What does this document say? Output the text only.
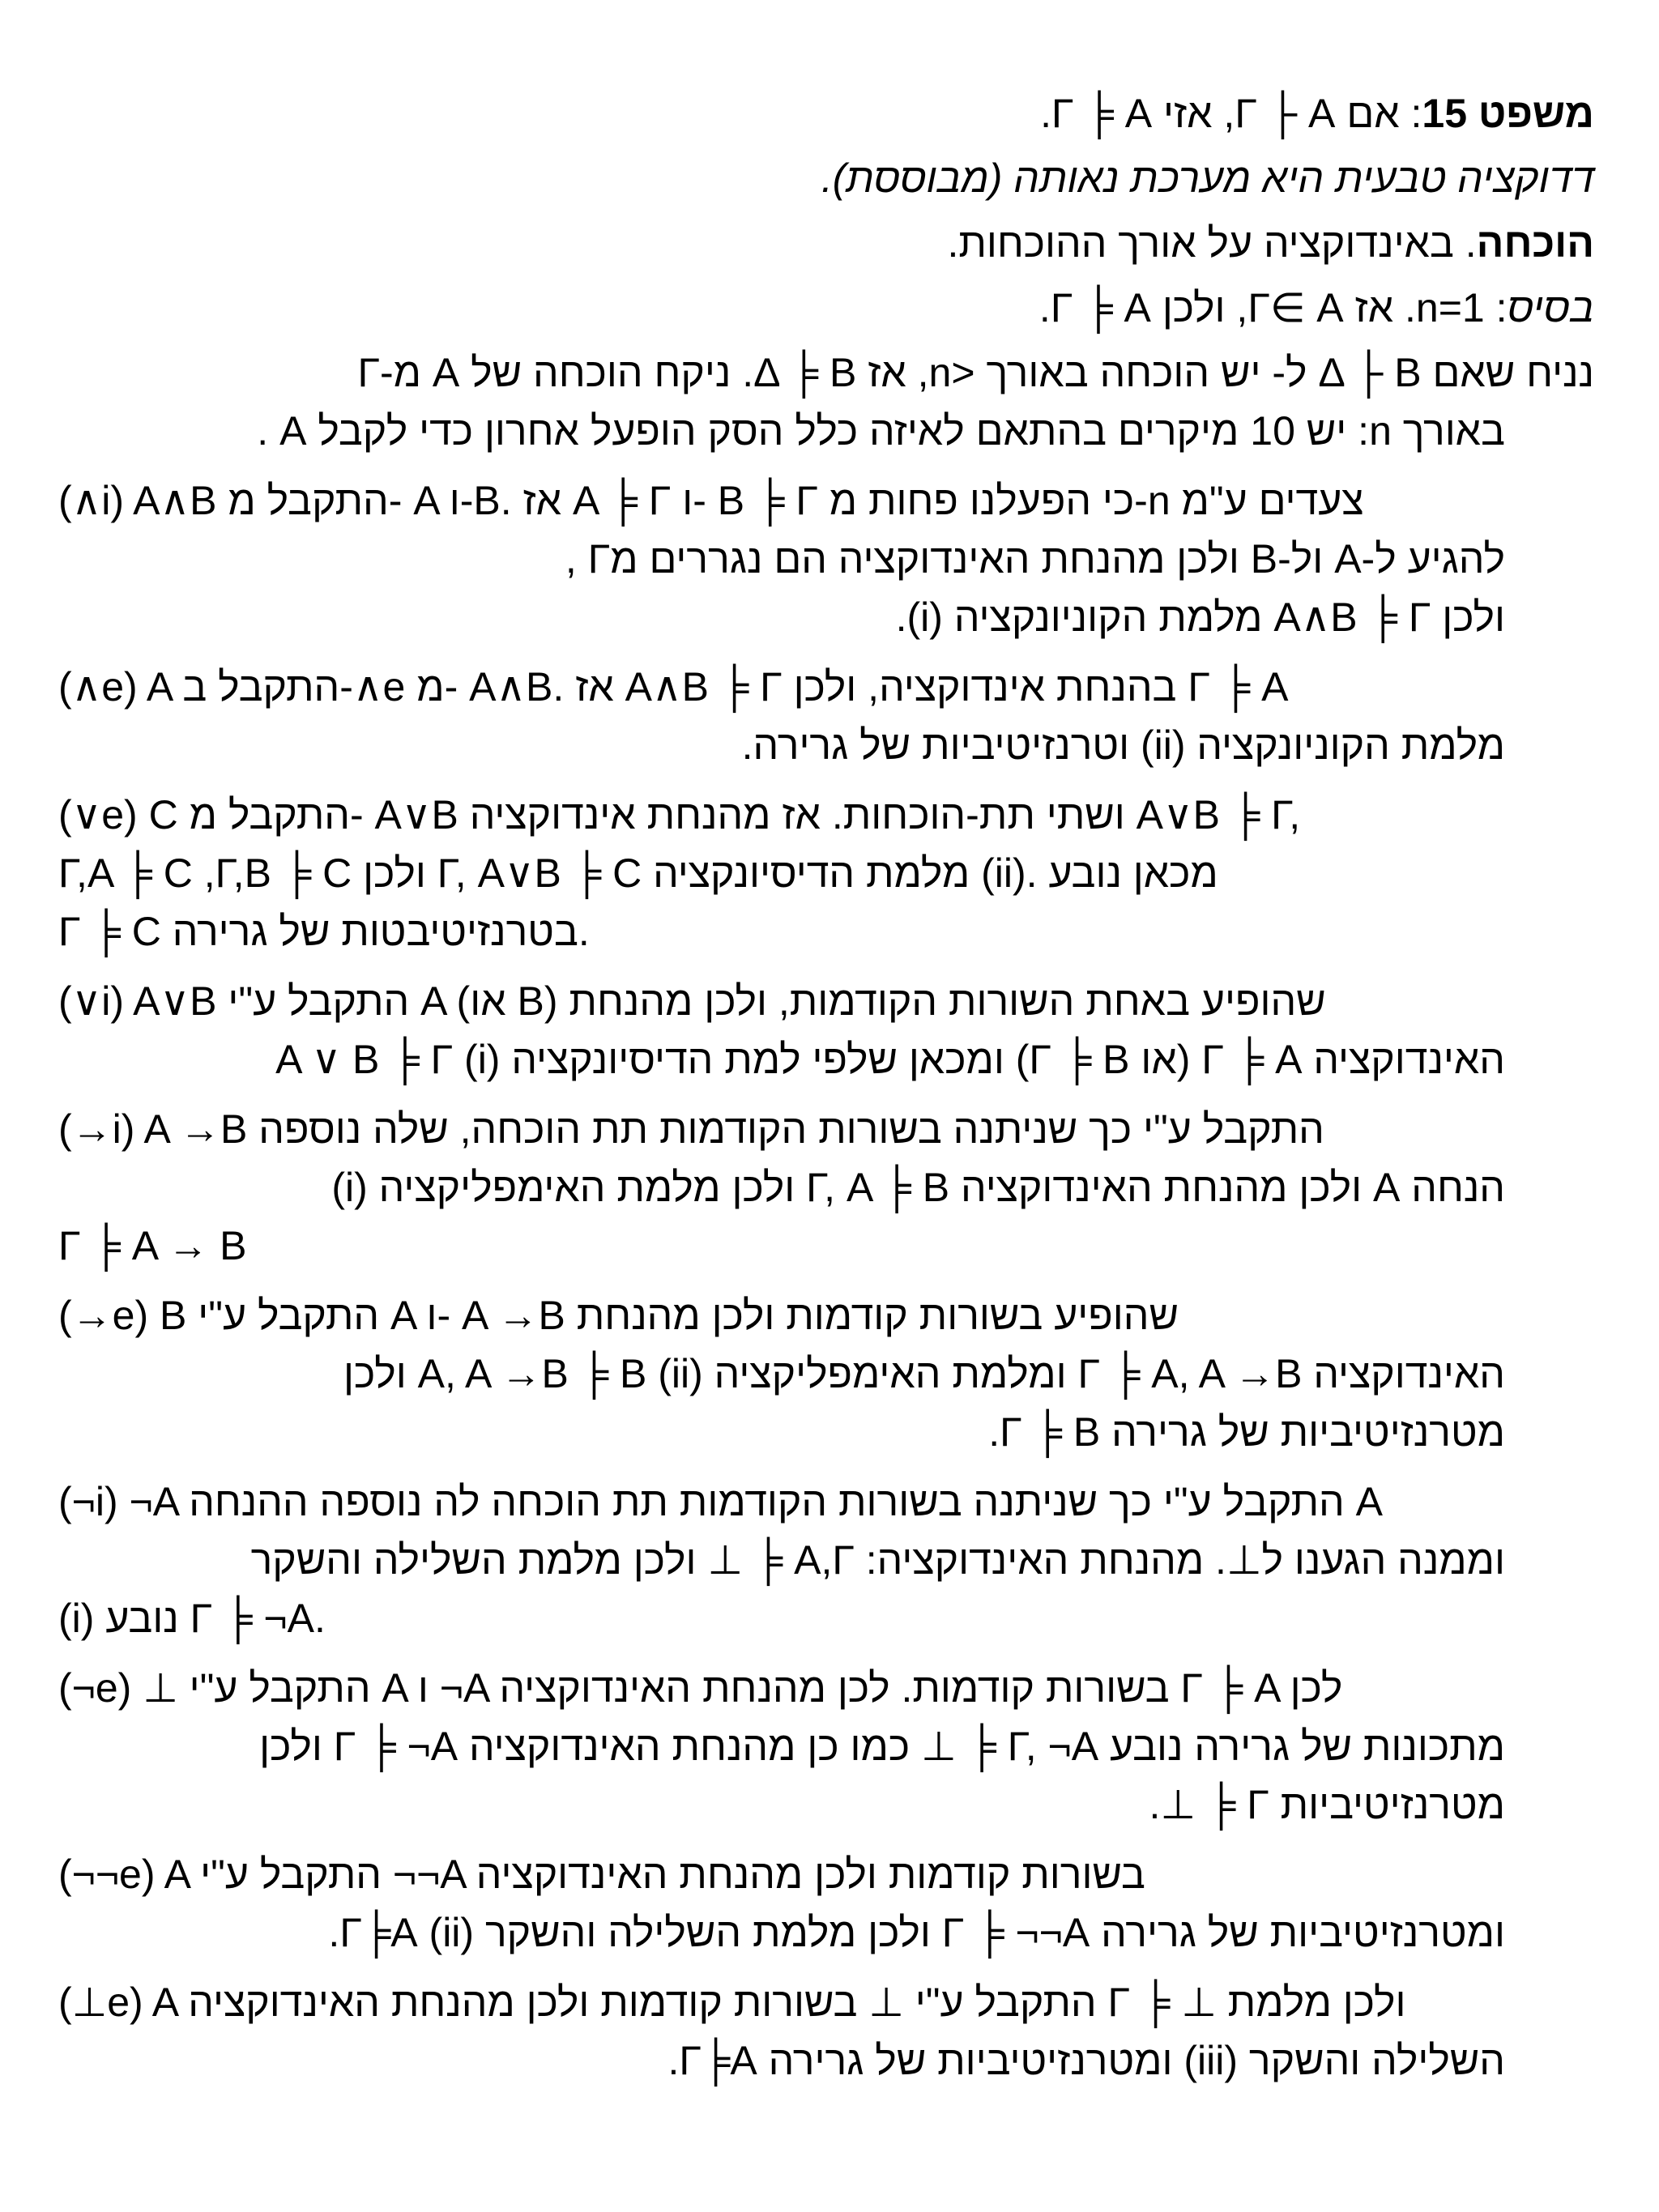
משפט 15: אם Γ ├ A, אזי Γ ╞ A.
דדוקציה טבעית היא מערכת נאותה (מבוססת).
הוכחה. באינדוקציה על אורך ההוכחות.
בסיס: n=1. אז Γ∈ A, ולכן Γ ╞ A.
נניח שאם Δ ├ B ל- יש הוכחה באורך <n, אז Δ ╞ B. ניקח הוכחה של A מ-Γ
באורך n: יש 10 מיקרים בהתאם לאיזה כלל הסק הופעל אחרון כדי לקבל A .
(∧i) A∧B התקבל מ- A ו-B. אז A ╞ Γ ו- B ╞ Γ כי הפעלנו פחות מ-n צעדים ע"מ
להגיע ל-A ול-B ולכן מהנחת האינדוקציה הם נגררים מΓ ,
ולכן A∧B ╞ Γ מלמת הקוניונקציה (i).
(∧e) A התקבל ב-∧e מ- A∧B. אז A∧B ╞ Γ בהנחת אינדוקציה, ולכן Γ ╞ A
מלמת הקוניונקציה (ii) וטרנזיטיביות של גרירה.
(∨e) C התקבל מ- A∨B ושתי תת-הוכחות. אז מהנחת אינדוקציה A∨B ╞ Γ,
Γ,A ╞ C ,Γ,B ╞ C ולכן Γ, A∨B ╞ C מלמת הדיסיונקציה (ii). מכאן נובע
Γ ╞ C בטרנזיטיבטות של גרירה.
(∨i) A∨B התקבל ע"י A (או B) שהופיע באחת השורות הקודמות, ולכן מהנחת
האינדוקציה Γ ╞ A (או Γ ╞ B) ומכאן שלפי למת הדיסיונקציה (i) A ∨ B ╞ Γ
(→i) A →B התקבל ע"י כך שניתנה בשורות הקודמות תת הוכחה, שלה נוספה
הנחה A ולכן מהנחת האינדוקציה Γ, A ╞ B ולכן מלמת האימפליקציה (i)
Γ ╞ A → B
(→e) B התקבל ע"י A ו- A →B שהופיע בשורות קודמות ולכן מהנחת
האינדוקציה Γ ╞ A, A →B ומלמת האימפליקציה (ii) A, A →B ╞ B ולכן
מטרנזיטיביות של גרירה Γ ╞ B.
(¬i) ¬A התקבל ע"י כך שניתנה בשורות הקודמות תת הוכחה לה נוספה ההנחה A
וממנה הגענו ל⊥. מהנחת האינדוקציה: A,Γ ╞ ⊥ ולכן מלמת השלילה והשקר
(i) נובע Γ ╞ ¬A.
(¬e) ⊥ התקבל ע"י A ו ¬A בשורות קודמות. לכן מהנחת האינדוקציה Γ ╞ A לכן
מתכונות של גרירה נובע Γ, ¬A ╞ ⊥ כמו כן מהנחת האינדוקציה Γ ╞ ¬A ולכן
מטרנזיטיביות Γ ╞ ⊥.
(¬¬e) A התקבל ע"י ¬¬A בשורות קודמות ולכן מהנחת האינדוקציה
ומטרנזיטיביות של גרירה Γ ╞ ¬¬A ולכן מלמת השלילה והשקר (ii) Γ╞A.
(⊥e) A התקבל ע"י ⊥ בשורות קודמות ולכן מהנחת האינדוקציה Γ ╞ ⊥ ולכן מלמת
השלילה והשקר (iii) ומטרנזיטיביות של גרירה Γ╞A.
